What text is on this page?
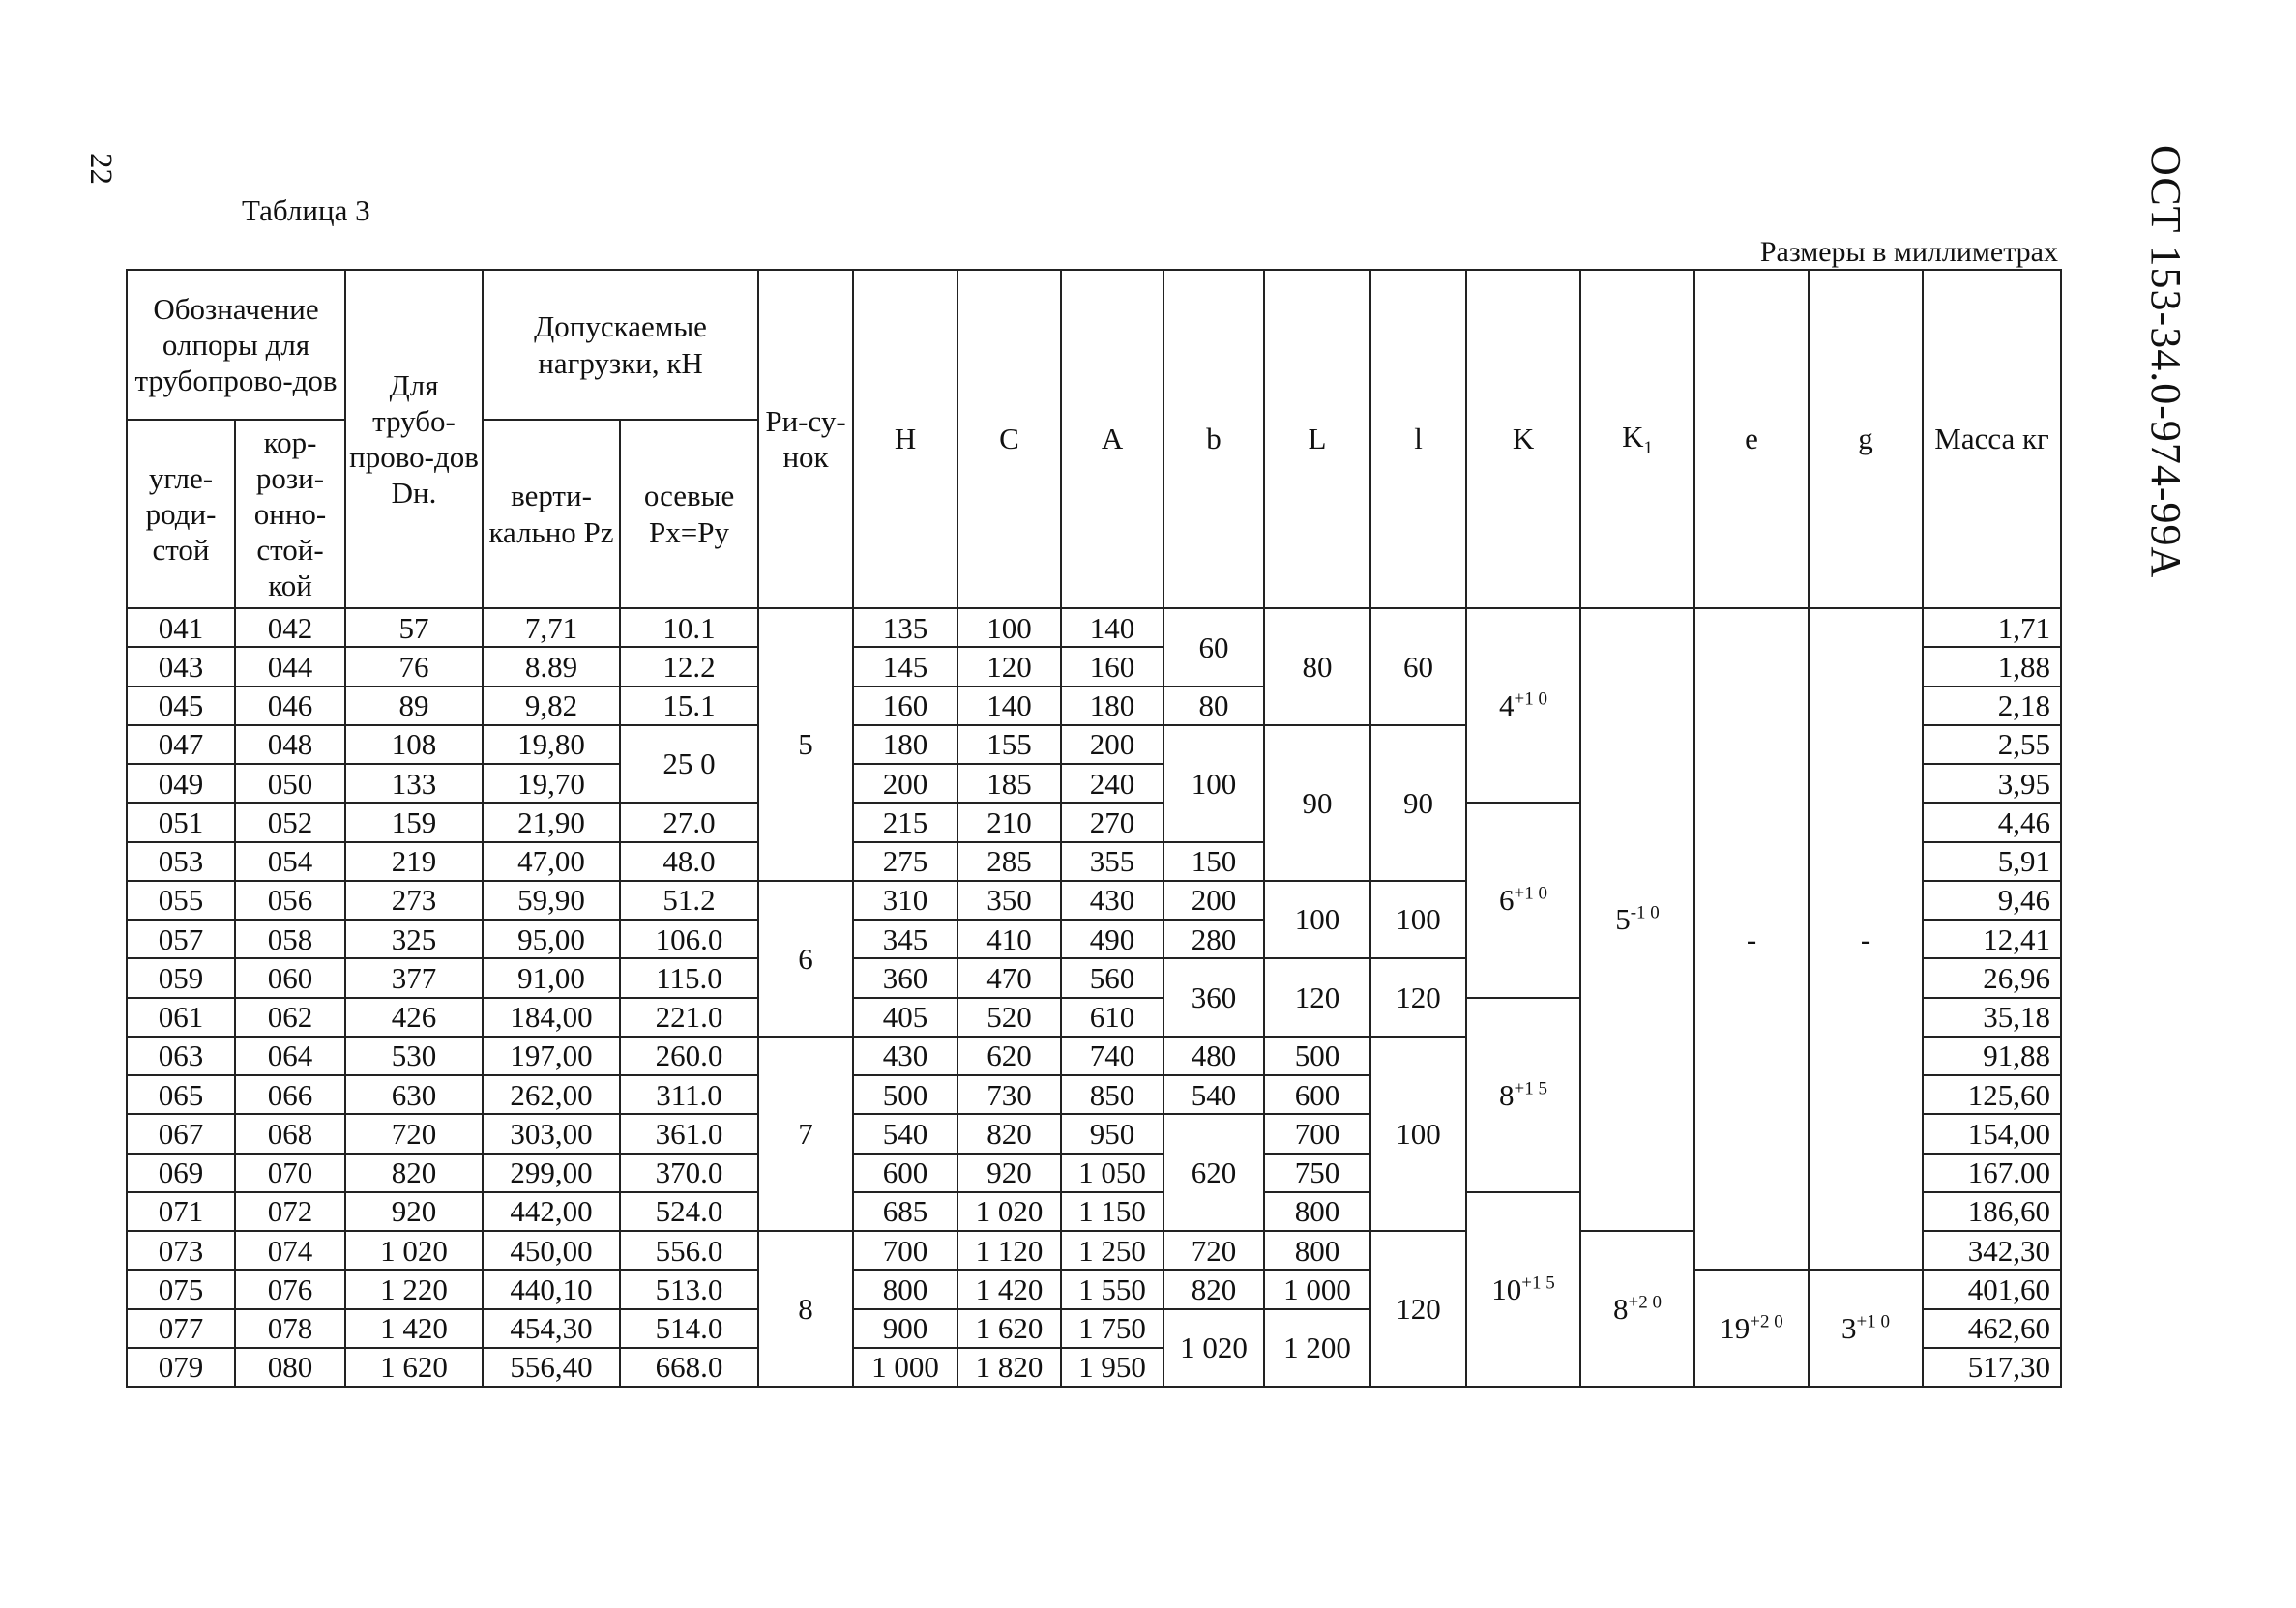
22	ОСТ 153-34.0-974-99А
Таблица 3
Размеры в миллиметрах
Обозначение олпоры для трубопрово-дов		Для трубо-прово-дов Dн.	Допускаемые нагрузки, кН		Ри-су-нок	H	C	A	b	L	l	K	$K_1$	e	g	Масса кг
угле-роди-стой	кор-рози-онно-стой-кой		верти-кально Pz	осевые Px=Py												
041	042	57	7,71	10.1	5	135	100	140	60	80	60	$4^{+1 0}$	$5^{-1 0}$	-	-	1,71
043	044	76	8.89	12.2		145	120	160								1,88
045	046	89	9,82	15.1		160	140	180	80							2,18
047	048	108	19,80	25 0		180	155	200	100	90	90					2,55
049	050	133	19,70			200	185	240								3,95
051	052	159	21,90	27.0		215	210	270				$6^{+1 0}$				4,46
053	054	219	47,00	48.0		275	285	355	150							5,91
055	056	273	59,90	51.2	6	310	350	430	200	100	100					9,46
057	058	325	95,00	106.0		345	410	490	280							12,41
059	060	377	91,00	115.0		360	470	560	360	120	120					26,96
061	062	426	184,00	221.0		405	520	610				$8^{+1 5}$				35,18
063	064	530	197,00	260.0	7	430	620	740	480	500	100					91,88
065	066	630	262,00	311.0		500	730	850	540	600						125,60
067	068	720	303,00	361.0		540	820	950	620	700						154,00
069	070	820	299,00	370.0		600	920	1 050		750						167.00
071	072	920	442,00	524.0		685	1 020	1 150		800		$10^{+1 5}$				186,60
073	074	1 020	450,00	556.0	8	700	1 120	1 250	720	800	120		$8^{+2 0}$			342,30
075	076	1 220	440,10	513.0		800	1 420	1 550	820	1 000				$19^{+2 0}$	$3^{+1 0}$	401,60
077	078	1 420	454,30	514.0		900	1 620	1 750	1 020	1 200						462,60
079	080	1 620	556,40	668.0		1 000	1 820	1 950								517,30
